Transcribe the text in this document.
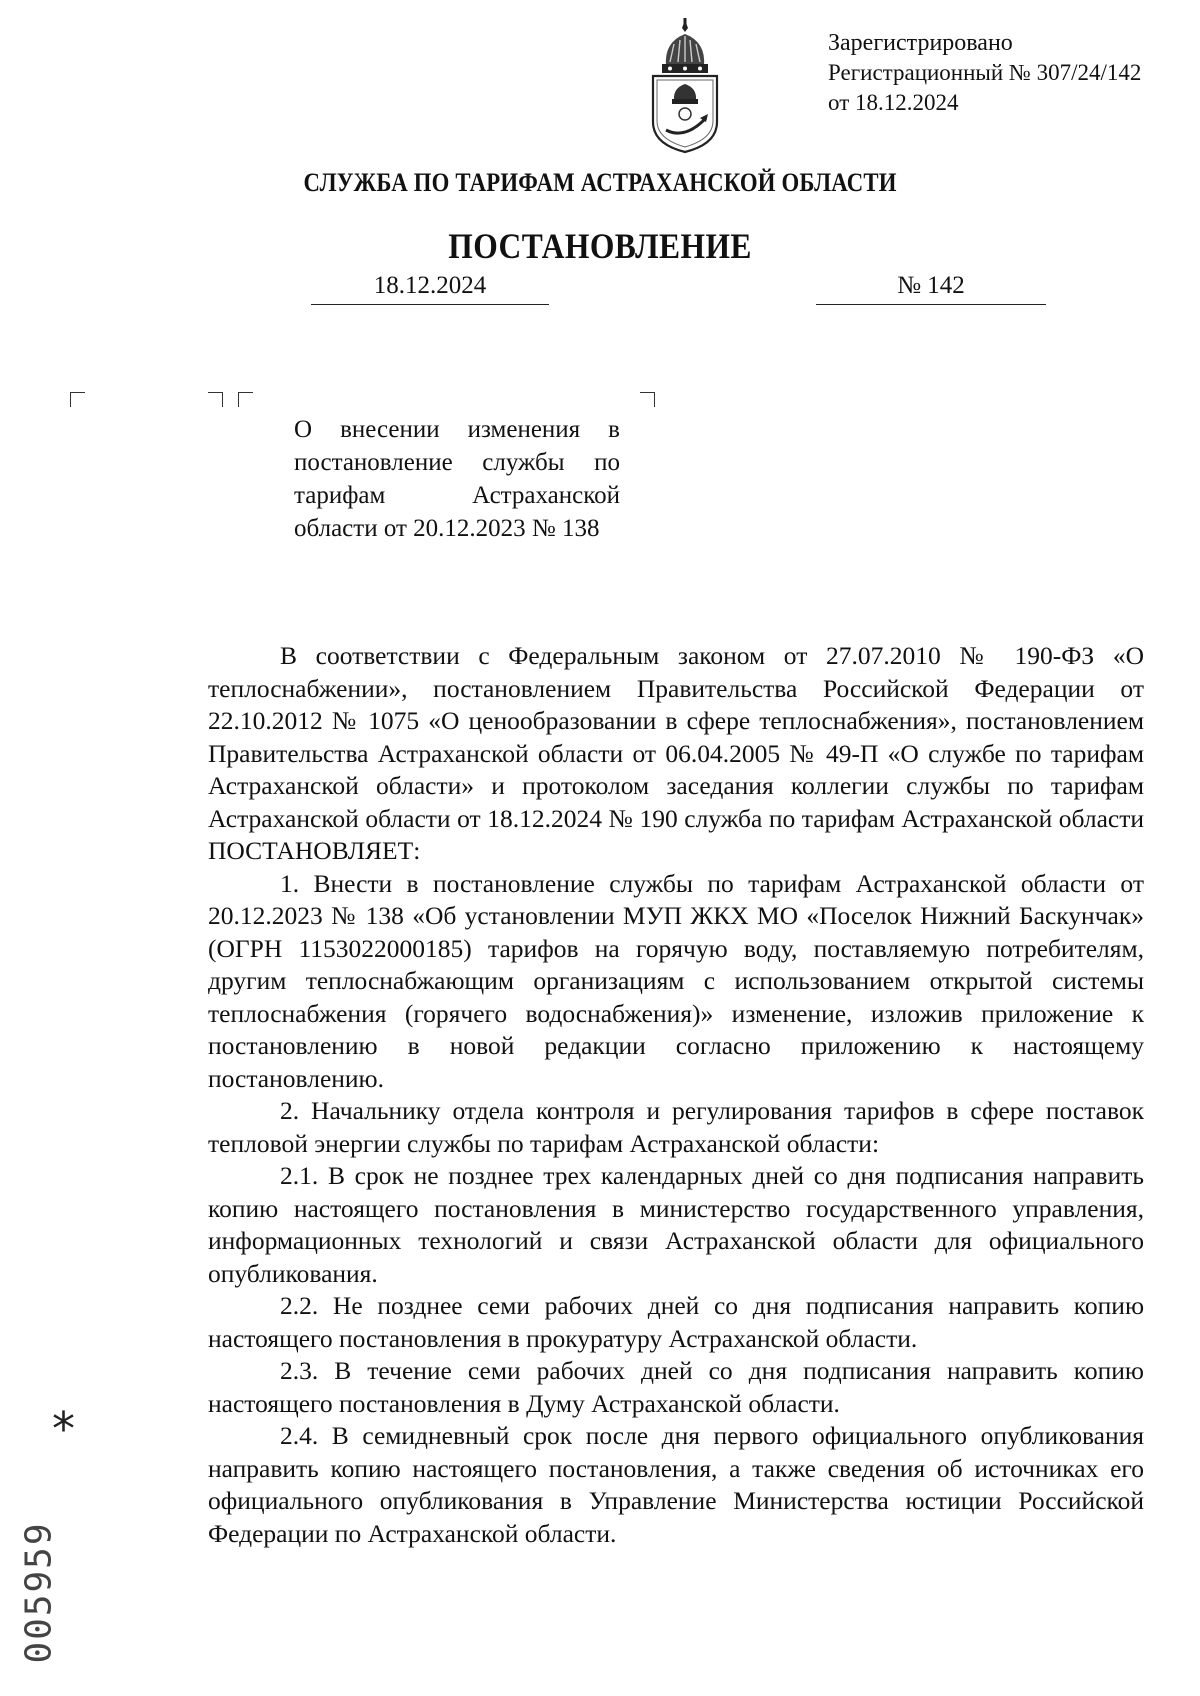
Зарегистрировано
Регистрационный № 307/24/142
от 18.12.2024
СЛУЖБА ПО ТАРИФАМ АСТРАХАНСКОЙ ОБЛАСТИ
ПОСТАНОВЛЕНИЕ
18.12.2024	№ 142
О внесении изменения в постановление службы по тарифам Астраханской области от 20.12.2023 № 138

В соответствии с Федеральным законом от 27.07.2010 № 190-ФЗ «О теплоснабжении», постановлением Правительства Российской Федерации от 22.10.2012 № 1075 «О ценообразовании в сфере теплоснабжения», постановлением Правительства Астраханской области от 06.04.2005 № 49-П «О службе по тарифам Астраханской области» и протоколом заседания коллегии службы по тарифам Астраханской области от 18.12.2024 № 190 служба по тарифам Астраханской области ПОСТАНОВЛЯЕТ:

1. Внести в постановление службы по тарифам Астраханской области от 20.12.2023 № 138 «Об установлении МУП ЖКХ МО «Поселок Нижний Баскунчак» (ОГРН 1153022000185) тарифов на горячую воду, поставляемую потребителям, другим теплоснабжающим организациям с использованием открытой системы теплоснабжения (горячего водоснабжения)» изменение, изложив приложение к постановлению в новой редакции согласно приложению к настоящему постановлению.

2. Начальнику отдела контроля и регулирования тарифов в сфере поставок тепловой энергии службы по тарифам Астраханской области:

2.1. В срок не позднее трех календарных дней со дня подписания направить копию настоящего постановления в министерство государственного управления, информационных технологий и связи Астраханской области для официального опубликования.

2.2. Не позднее семи рабочих дней со дня подписания направить копию настоящего постановления в прокуратуру Астраханской области.

2.3. В течение семи рабочих дней со дня подписания направить копию настоящего постановления в Думу Астраханской области.

2.4. В семидневный срок после дня первого официального опубликования направить копию настоящего постановления, а также сведения об источниках его официального опубликования в Управление Министерства юстиции Российской Федерации по Астраханской области.

*
005959
